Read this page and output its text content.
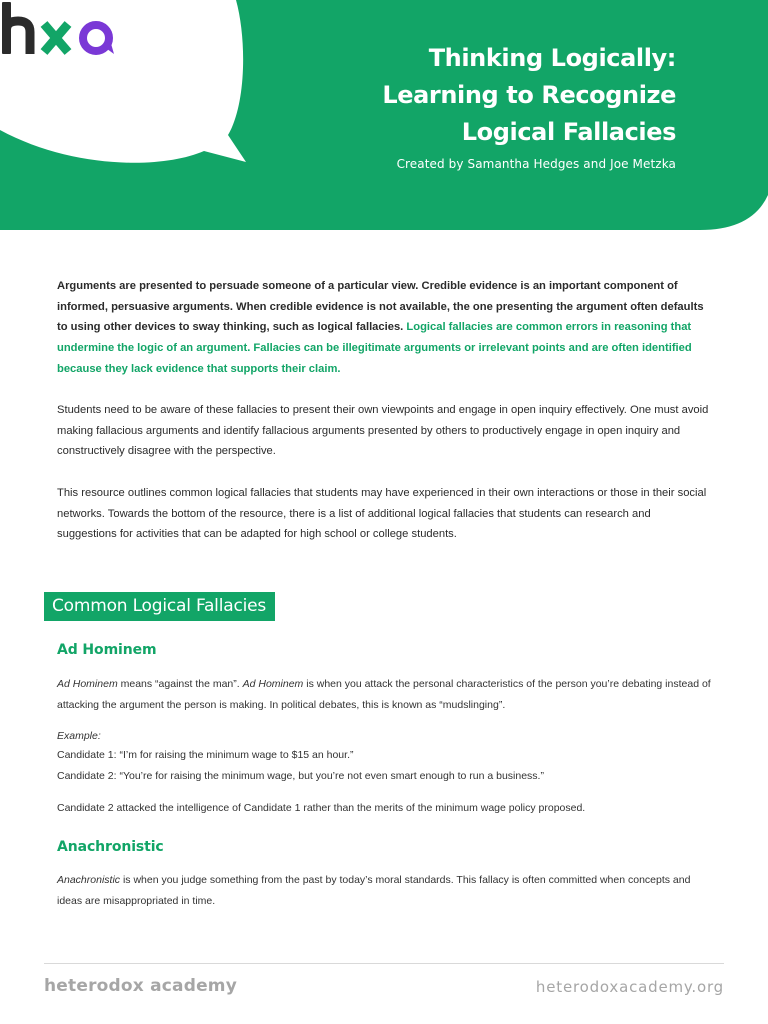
Thinking Logically:

Learning to Recognize

Logical Fallacies

Created by Samantha Hedges and Joe Metzka

Arguments are presented to persuade someone of a particular view. Credible evidence is an important component of informed, persuasive arguments. When credible evidence is not available, the one presenting the argument often defaults to using other devices to sway thinking, such as logical fallacies. Logical fallacies are common errors in reasoning that undermine the logic of an argument. Fallacies can be illegitimate arguments or irrelevant points and are often identified because they lack evidence that supports their claim.

Students need to be aware of these fallacies to present their own viewpoints and engage in open inquiry effectively. One must avoid making fallacious arguments and identify fallacious arguments presented by others to productively engage in open inquiry and constructively disagree with the perspective.

This resource outlines common logical fallacies that students may have experienced in their own interactions or those in their social networks. Towards the bottom of the resource, there is a list of additional logical fallacies that students can research and suggestions for activities that can be adapted for high school or college students.

Common Logical Fallacies
Ad Hominem

Ad Hominem means “against the man”. Ad Hominem is when you attack the personal characteristics of the person you’re debating instead of attacking the argument the person is making. In political debates, this is known as “mudslinging”.

Example:

Candidate 1: “I’m for raising the minimum wage to $15 an hour.”

Candidate 2: “You’re for raising the minimum wage, but you’re not even smart enough to run a business.”

Candidate 2 attacked the intelligence of Candidate 1 rather than the merits of the minimum wage policy proposed.

Anachronistic

Anachronistic is when you judge something from the past by today’s moral standards. This fallacy is often committed when concepts and ideas are misappropriated in time.

heterodox academy	heterodoxacademy.org
